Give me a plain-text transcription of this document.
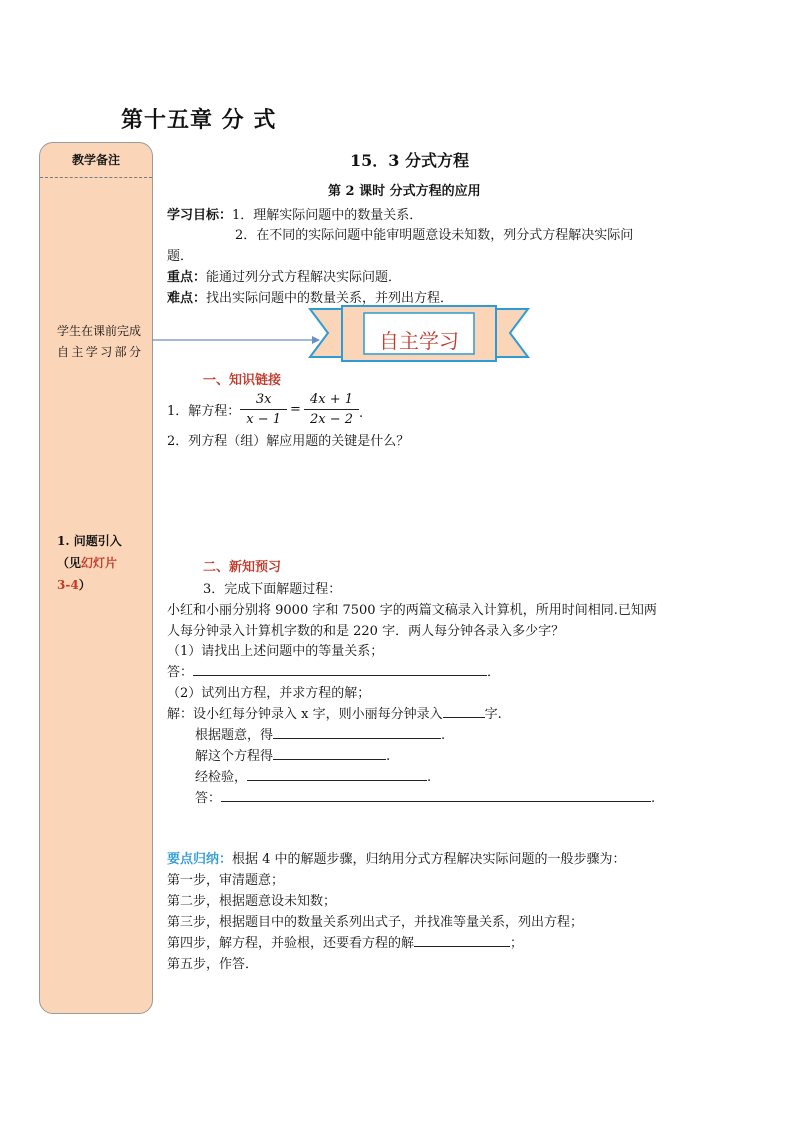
第十五章 分 式
教学备注
学生在课前完成自主学习部分
1. 问题引入（见幻灯片
3-4）
15．3 分式方程
第 2 课时 分式方程的应用
学习目标：1．理解实际问题中的数量关系．
2．在不同的实际问题中能审明题意设未知数，列分式方程解决实际问
题．
重点：能通过列分式方程解决实际问题．
难点：找出实际问题中的数量关系，并列出方程．
自主学习
一、知识链接
1．解方程： $\frac{3x}{x - 1} = \frac{4x + 1}{2x - 2}$ .
2．列方程（组）解应用题的关键是什么？
二、新知预习
3．完成下面解题过程：
小红和小丽分别将 9000 字和 7500 字的两篇文稿录入计算机，所用时间相同.已知两
人每分钟录入计算机字数的和是 220 字．两人每分钟各录入多少字？
（1）请找出上述问题中的等量关系；
答：	．
（2）试列出方程，并求方程的解；
解：设小红每分钟录入 x 字，则小丽每分钟录入	字.
根据题意，得	.
解这个方程得	.
经检验，	.
答：	.
要点归纳：根据 4 中的解题步骤，归纳用分式方程解决实际问题的一般步骤为：
第一步，审清题意；
第二步，根据题意设未知数；
第三步，根据题目中的数量关系列出式子，并找准等量关系，列出方程；
第四步，解方程，并验根，还要看方程的解	；
第五步，作答．
